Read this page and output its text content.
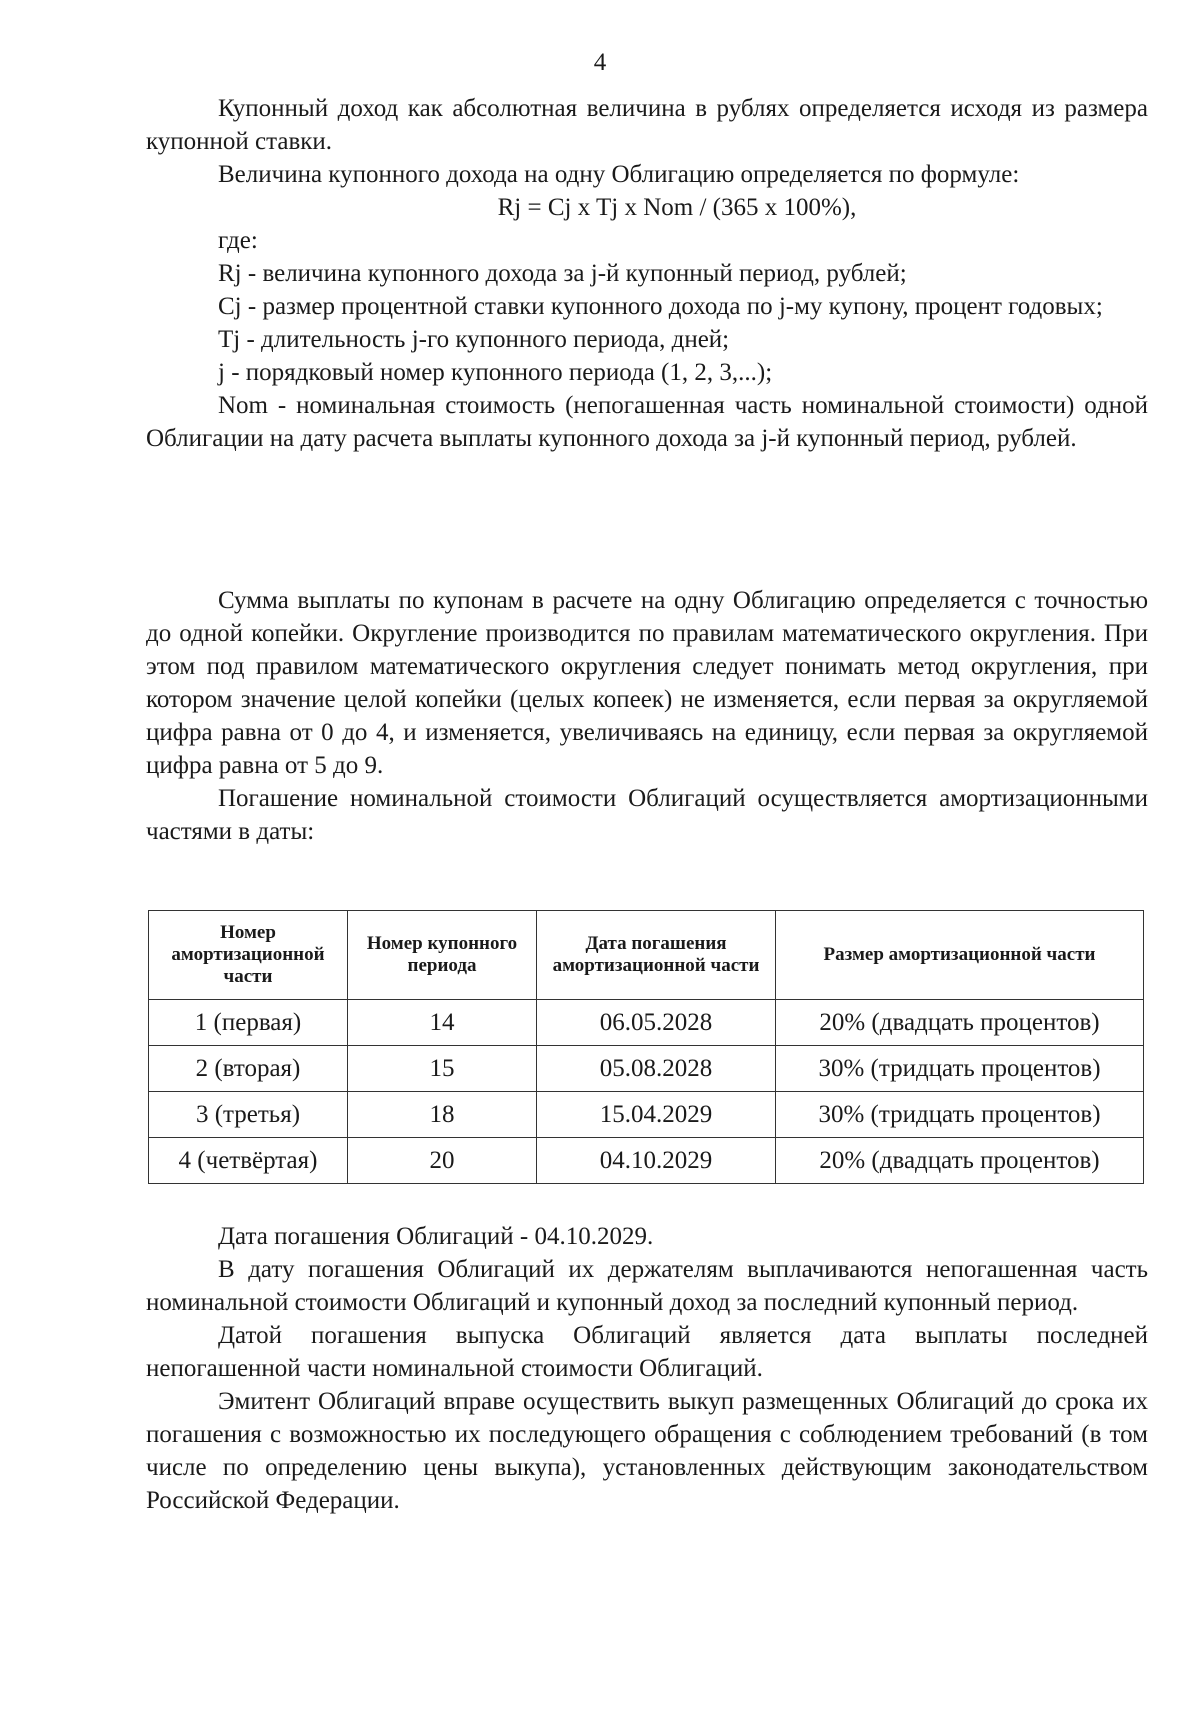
4

Купонный доход как абсолютная величина в рублях определяется исходя из размера купонной ставки.

Величина купонного дохода на одну Облигацию определяется по формуле:

Rj = Cj x Tj x Nom / (365 x 100%),

где:

Rj - величина купонного дохода за j-й купонный период, рублей;

Cj - размер процентной ставки купонного дохода по j-му купону, процент годовых;

Tj - длительность j-го купонного периода, дней;

j - порядковый номер купонного периода (1, 2, 3,...);

Nom - номинальная стоимость (непогашенная часть номинальной стоимости) одной Облигации на дату расчета выплаты купонного дохода за j-й купонный период, рублей.

Сумма выплаты по купонам в расчете на одну Облигацию определяется с точностью до одной копейки. Округление производится по правилам математического округления. При этом под правилом математического округления следует понимать метод округления, при котором значение целой копейки (целых копеек) не изменяется, если первая за округляемой цифра равна от 0 до 4, и изменяется, увеличиваясь на единицу, если первая за округляемой цифра равна от 5 до 9.

Погашение номинальной стоимости Облигаций осуществляется амортизационными частями в даты:

Номер амортизационной части	Номер купонного периода	Дата погашения амортизационной части	Размер амортизационной части
1 (первая)	14	06.05.2028	20% (двадцать процентов)
2 (вторая)	15	05.08.2028	30% (тридцать процентов)
3 (третья)	18	15.04.2029	30% (тридцать процентов)
4 (четвёртая)	20	04.10.2029	20% (двадцать процентов)

Дата погашения Облигаций - 04.10.2029.

В дату погашения Облигаций их держателям выплачиваются непогашенная часть номинальной стоимости Облигаций и купонный доход за последний купонный период.

Датой погашения выпуска Облигаций является дата выплаты последней непогашенной части номинальной стоимости Облигаций.

Эмитент Облигаций вправе осуществить выкуп размещенных Облигаций до срока их погашения с возможностью их последующего обращения с соблюдением требований (в том числе по определению цены выкупа), установленных действующим законодательством Российской Федерации.
